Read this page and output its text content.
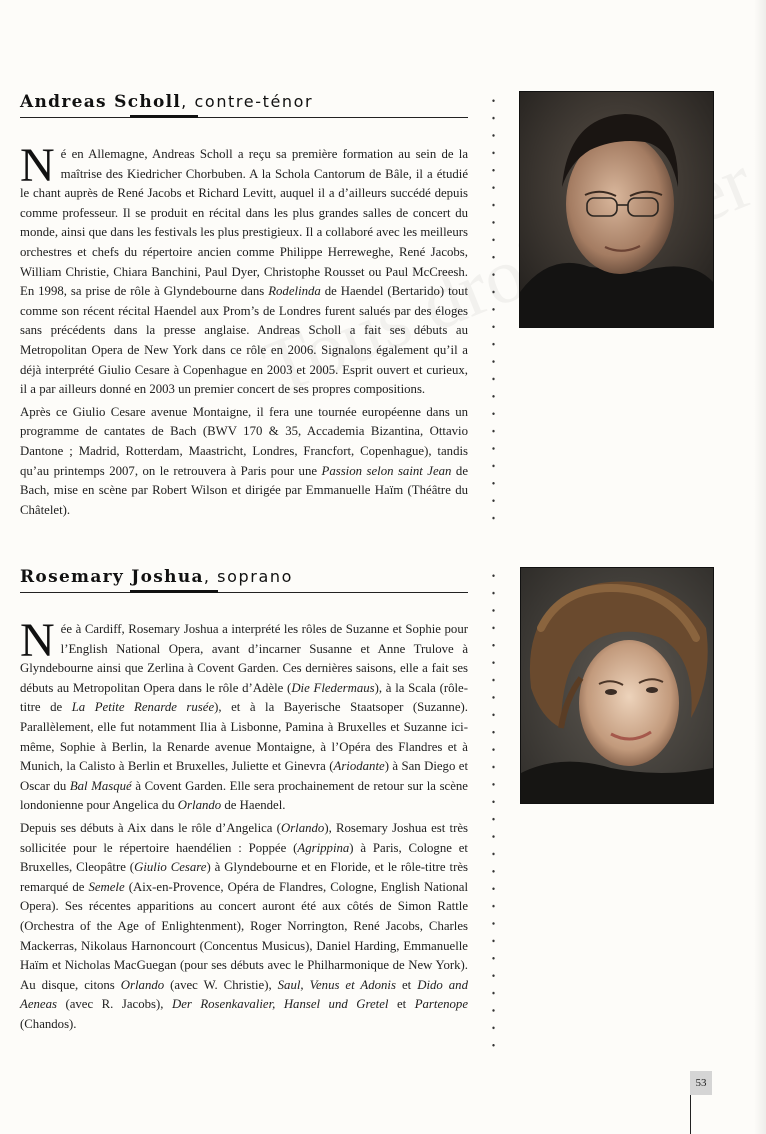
Andreas Scholl, contre-ténor
N é en Allemagne, Andreas Scholl a reçu sa première formation au sein de la maîtrise des Kiedricher Chorbuben. A la Schola Cantorum de Bâle, il a étudié le chant auprès de René Jacobs et Richard Levitt, auquel il a d’ailleurs succédé depuis comme professeur. Il se produit en récital dans les plus grandes salles de concert du monde, ainsi que dans les festivals les plus prestigieux. Il a collaboré avec les meilleurs orchestres et chefs du répertoire ancien comme Philippe Herreweghe, René Jacobs, William Christie, Chiara Banchini, Paul Dyer, Christophe Rousset ou Paul McCreesh. En 1998, sa prise de rôle à Glyndebourne dans Rodelinda de Haendel (Bertarido) tout comme son récent récital Haendel aux Prom’s de Londres furent salués par des éloges sans précédents dans la presse anglaise. Andreas Scholl a fait ses débuts au Metropolitan Opera de New York dans ce rôle en 2006. Signalons également qu’il a déjà interprété Giulio Cesare à Copenhague en 2003 et 2005. Esprit ouvert et curieux, il a par ailleurs donné en 2003 un premier concert de ses propres compositions.

Après ce Giulio Cesare avenue Montaigne, il fera une tournée européenne dans un programme de cantates de Bach (BWV 170 & 35, Accademia Bizantina, Ottavio Dantone ; Madrid, Rotterdam, Maastricht, Londres, Francfort, Copenhague), tandis qu’au printemps 2007, on le retrouvera à Paris pour une Passion selon saint Jean de Bach, mise en scène par Robert Wilson et dirigée par Emmanuelle Haïm (Théâtre du Châtelet).

Rosemary Joshua, soprano
N ée à Cardiff, Rosemary Joshua a interprété les rôles de Suzanne et Sophie pour l’English National Opera, avant d’incarner Susanne et Anne Trulove à Glyndebourne ainsi que Zerlina à Covent Garden. Ces dernières saisons, elle a fait ses débuts au Metropolitan Opera dans le rôle d’Adèle (Die Fledermaus), à la Scala (rôle-titre de La Petite Renarde rusée), et à la Bayerische Staatsoper (Suzanne). Parallèlement, elle fut notamment Ilia à Lisbonne, Pamina à Bruxelles et Suzanne ici-même, Sophie à Berlin, la Renarde avenue Montaigne, à l’Opéra des Flandres et à Munich, la Calisto à Berlin et Bruxelles, Juliette et Ginevra (Ariodante) à San Diego et Oscar du Bal Masqué à Covent Garden. Elle sera prochainement de retour sur la scène londonienne pour Angelica du Orlando de Haendel.

Depuis ses débuts à Aix dans le rôle d’Angelica (Orlando), Rosemary Joshua est très sollicitée pour le répertoire haendélien : Poppée (Agrippina) à Paris, Cologne et Bruxelles, Cleopâtre (Giulio Cesare) à Glyndebourne et en Floride, et le rôle-titre très remarqué de Semele (Aix-en-Provence, Opéra de Flandres, Cologne, English National Opera). Ses récentes apparitions au concert auront été aux côtés de Simon Rattle (Orchestra of the Age of Enlightenment), Roger Norrington, René Jacobs, Charles Mackerras, Nikolaus Harnoncourt (Concentus Musicus), Daniel Harding, Emmanuelle Haïm et Nicholas MacGuegan (pour ses débuts avec le Philharmonique de New York). Au disque, citons Orlando (avec W. Christie), Saul, Venus et Adonis et Dido and Aeneas (avec R. Jacobs), Der Rosenkavalier, Hansel und Gretel et Partenope (Chandos).

53
